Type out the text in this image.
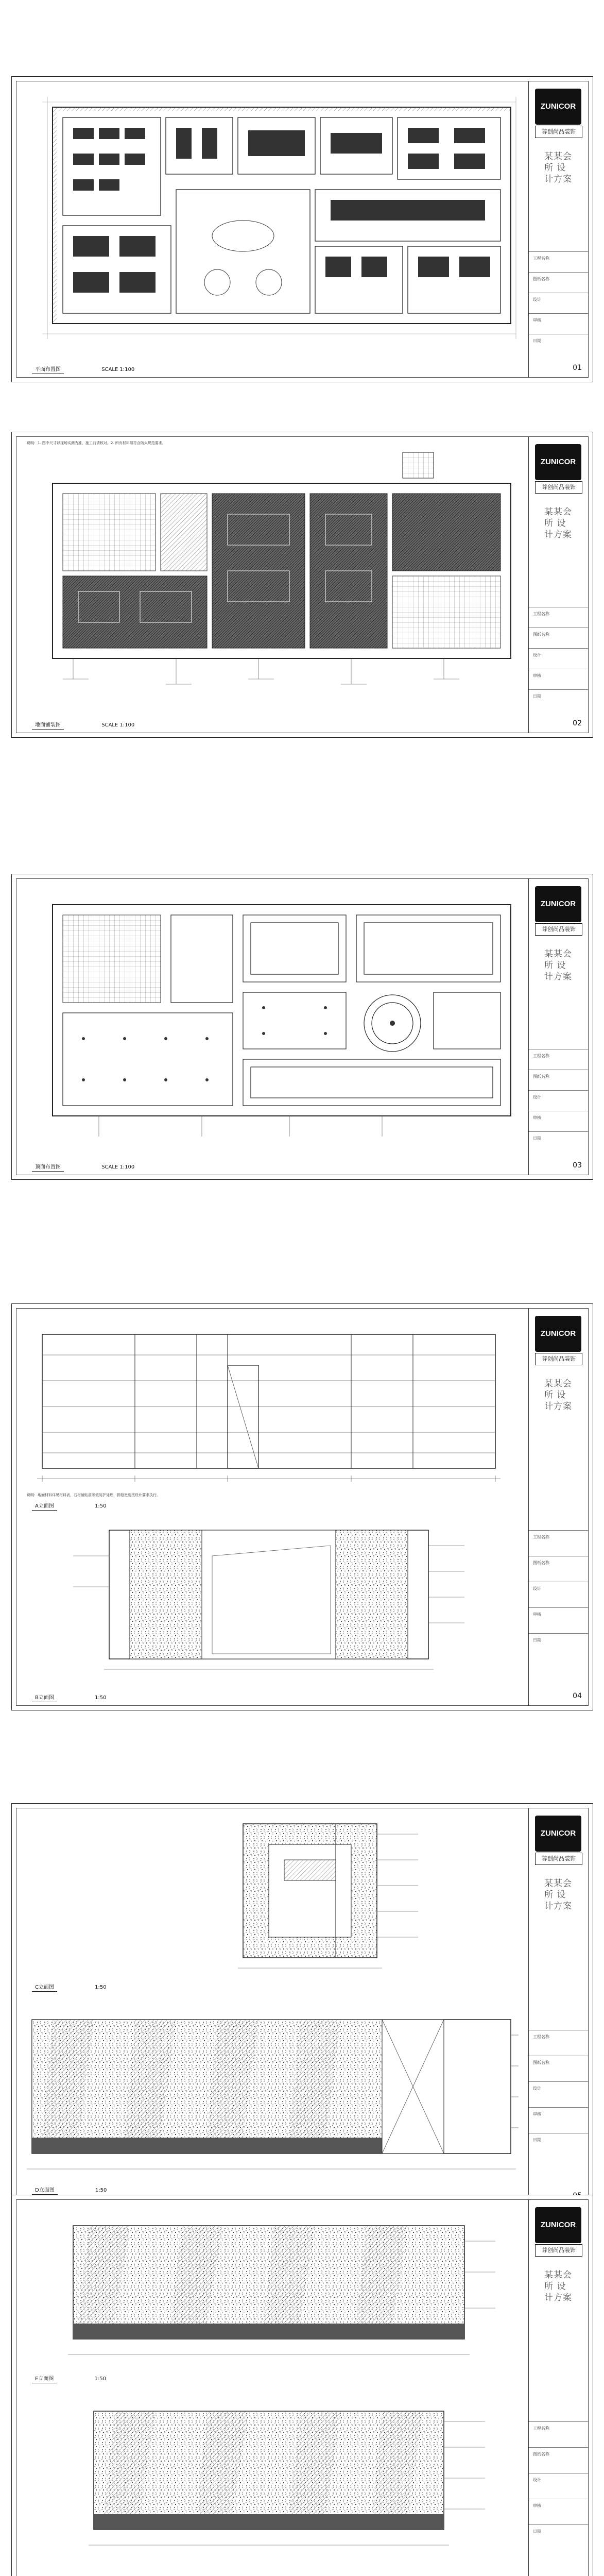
平面布置图	SCALE 1:100
ZUNICOR
尊创尚品装饰
某某会所 设计方案
工程名称
图纸名称
设计
审核
日期
01
说明：1. 图中尺寸以现场实测为准，施工前请核对。2. 所有材料须符合防火规范要求。
地面铺装图	SCALE 1:100
ZUNICOR
尊创尚品装饰
某某会所 设计方案
工程名称
图纸名称
设计
审核
日期
02
顶面布置图	SCALE 1:100
ZUNICOR
尊创尚品装饰
某某会所 设计方案
工程名称
图纸名称
设计
审核
日期
03
A立面图	1:50
说明：地面材料详见材料表，石材铺贴前须做防护处理，拼缝宽度按设计要求执行。
B立面图	1:50
ZUNICOR
尊创尚品装饰
某某会所 设计方案
工程名称
图纸名称
设计
审核
日期
04
C立面图	1:50
D立面图	1:50
ZUNICOR
尊创尚品装饰
某某会所 设计方案
工程名称
图纸名称
设计
审核
日期
E立面图	1:50
ZUNICOR
尊创尚品装饰
某某会所 设计方案
工程名称
图纸名称
设计
审核
日期
